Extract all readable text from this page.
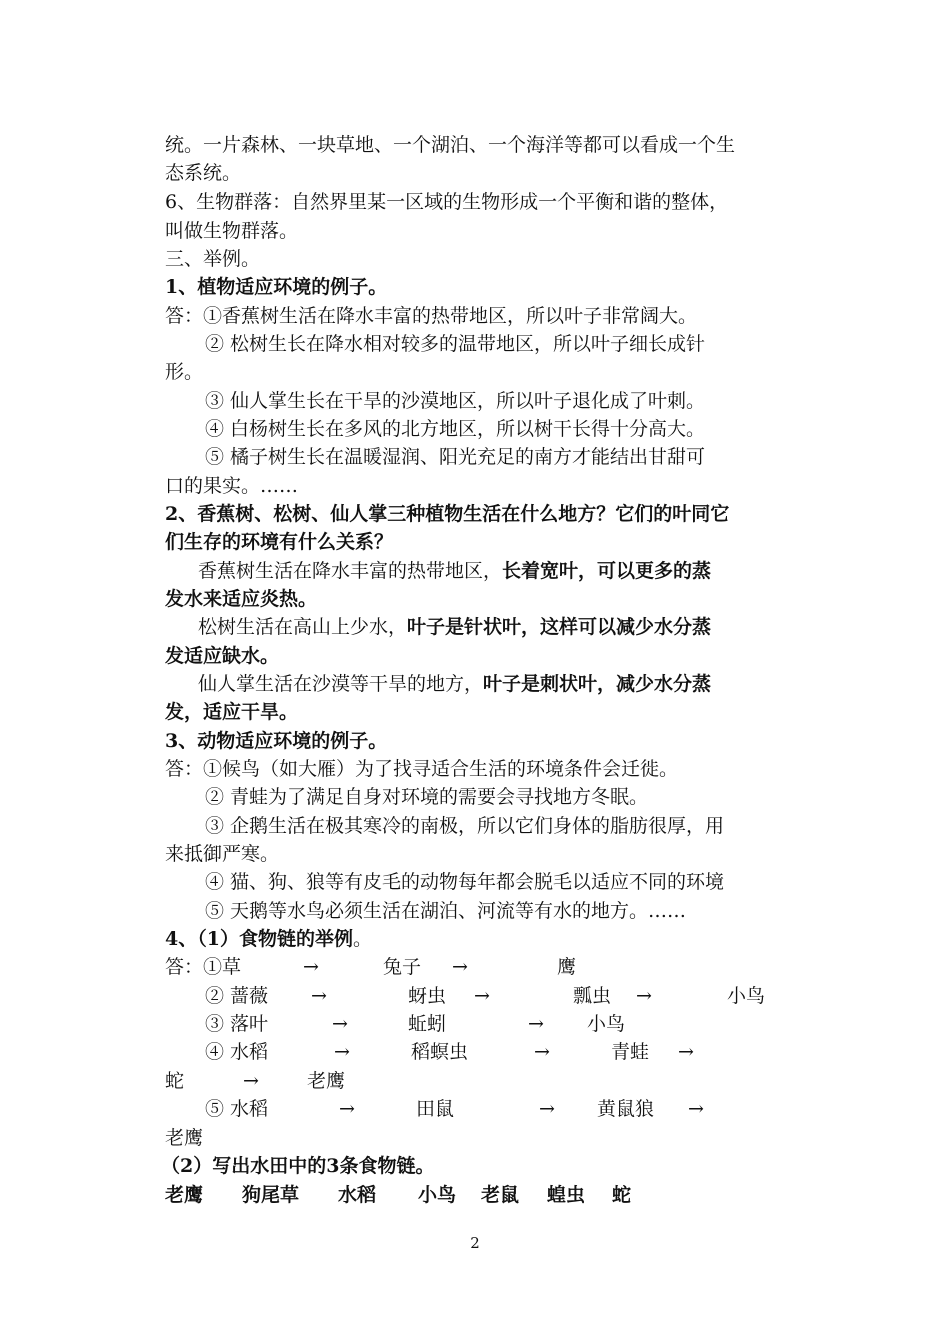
统。一片森林、一块草地、一个湖泊、一个海洋等都可以看成一个生
态系统。
6、生物群落：自然界里某一区域的生物形成一个平衡和谐的整体，
叫做生物群落。
三、举例。
1、植物适应环境的例子。
答：①香蕉树生活在降水丰富的热带地区，所以叶子非常阔大。
② 松树生长在降水相对较多的温带地区，所以叶子细长成针
形。
③ 仙人掌生长在干旱的沙漠地区，所以叶子退化成了叶刺。
④ 白杨树生长在多风的北方地区，所以树干长得十分高大。
⑤ 橘子树生长在温暖湿润、阳光充足的南方才能结出甘甜可
口的果实。……
2、香蕉树、松树、仙人掌三种植物生活在什么地方？它们的叶同它
们生存的环境有什么关系？
香蕉树生活在降水丰富的热带地区，长着宽叶，可以更多的蒸
发水来适应炎热。
松树生活在高山上少水，叶子是针状叶，这样可以减少水分蒸
发适应缺水。
仙人掌生活在沙漠等干旱的地方，叶子是刺状叶，减少水分蒸
发，适应干旱。
3、动物适应环境的例子。
答：①候鸟（如大雁）为了找寻适合生活的环境条件会迁徙。
② 青蛙为了满足自身对环境的需要会寻找地方冬眠。
③ 企鹅生活在极其寒冷的南极，所以它们身体的脂肪很厚，用
来抵御严寒。
④ 猫、狗、狼等有皮毛的动物每年都会脱毛以适应不同的环境
⑤ 天鹅等水鸟必须生活在湖泊、河流等有水的地方。……
4、（1）食物链的举例。
答：①草	→	兔子 →	鹰
② 蔷薇 →	蚜虫 →	瓢虫 →	小鸟
③ 落叶	→	蚯蚓	→ 小鸟
④ 水稻	→	稻螟虫	→	青蛙 →
蛇	→	老鹰
⑤ 水稻	→	田鼠	→ 黄鼠狼 →
老鹰
（2）写出水田中的3条食物链。
老鹰 狗尾草 水稻 小鸟 老鼠 蝗虫 蛇
2
